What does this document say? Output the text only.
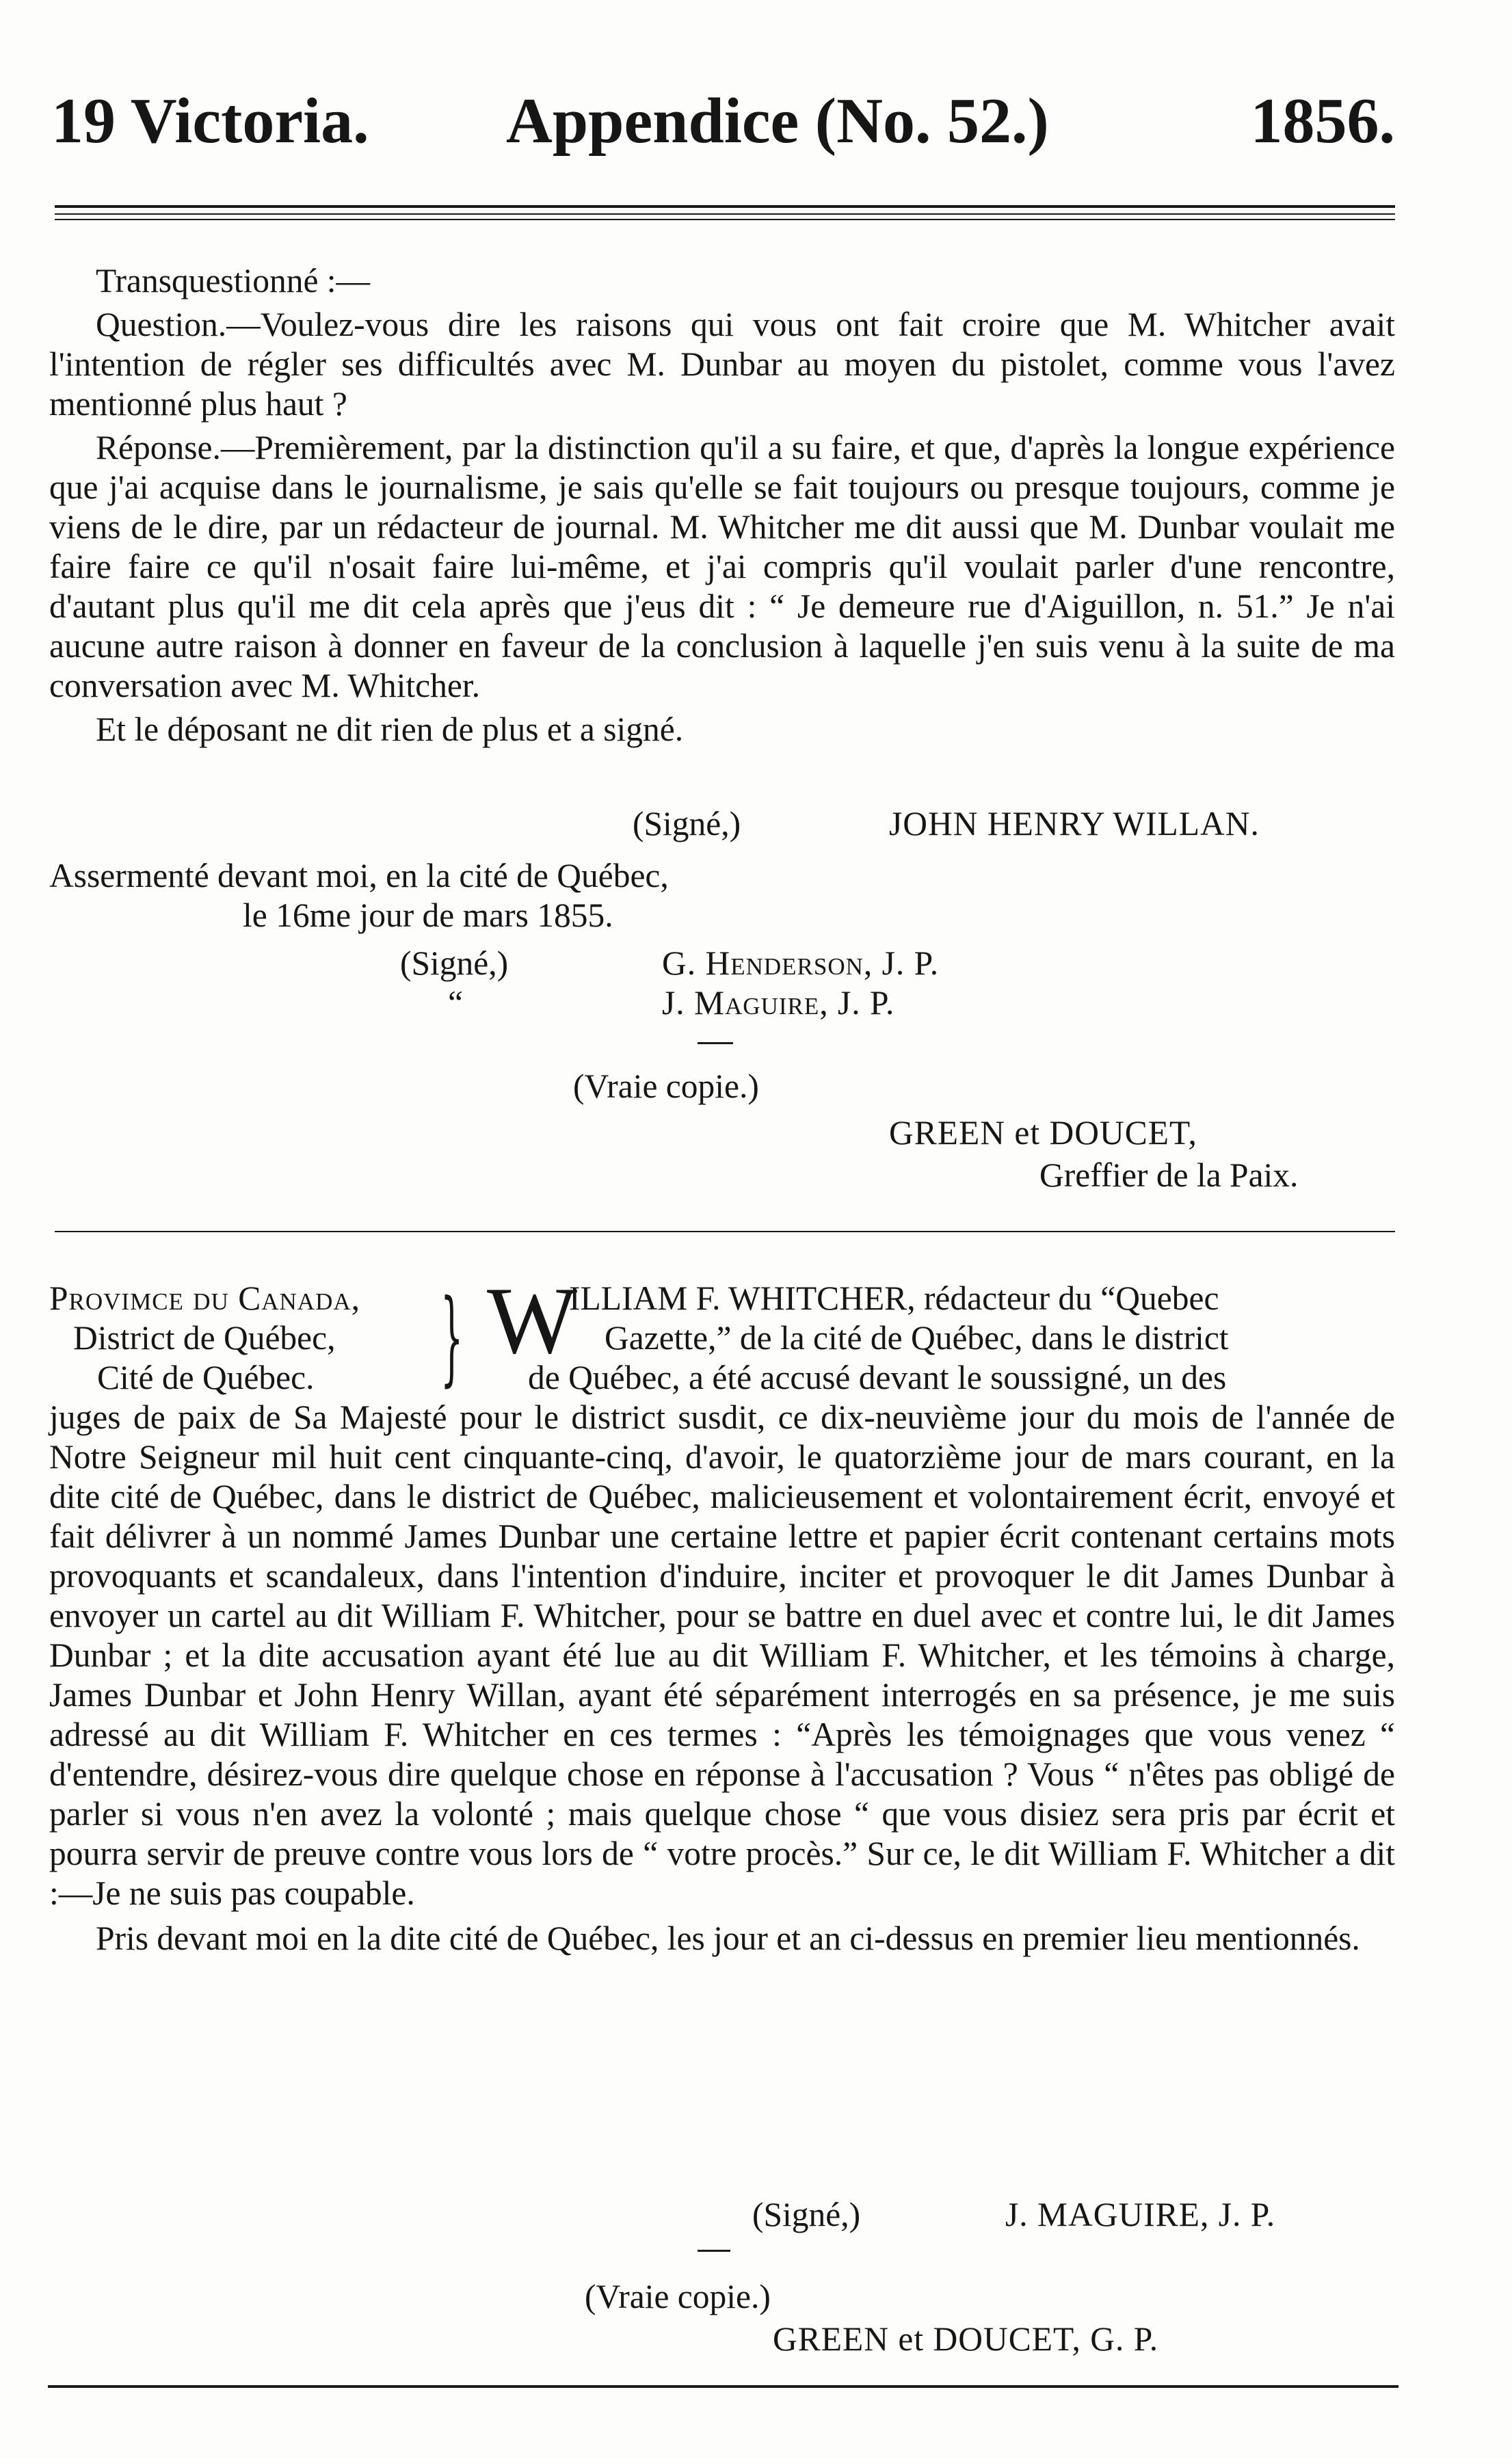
19 Victoria. Appendice (No. 52.)	1856.

Transquestionné :—

Question.—Voulez-vous dire les raisons qui vous ont fait croire que M. Whitcher avait l'intention de régler ses difficultés avec M. Dunbar au moyen du pistolet, comme vous l'avez mentionné plus haut ?

Réponse.—Premièrement, par la distinction qu'il a su faire, et que, d'après la longue expérience que j'ai acquise dans le journalisme, je sais qu'elle se fait toujours ou presque toujours, comme je viens de le dire, par un rédacteur de journal. M. Whitcher me dit aussi que M. Dunbar voulait me faire faire ce qu'il n'osait faire lui-même, et j'ai compris qu'il voulait parler d'une rencontre, d'autant plus qu'il me dit cela après que j'eus dit : “ Je demeure rue d'Aiguillon, n. 51.” Je n'ai aucune autre raison à donner en faveur de la conclusion à laquelle j'en suis venu à la suite de ma conversation avec M. Whitcher.

Et le déposant ne dit rien de plus et a signé.

(Signé,)	JOHN HENRY WILLAN.
Assermenté devant moi, en la cité de Québec,
le 16me jour de mars 1855.
(Signé,)	G. Henderson, J. P.
“	J. Maguire, J. P.
(Vraie copie.)
GREEN et DOUCET,
Greffier de la Paix.
Provimce du Canada,
District de Québec,
Cité de Québec.	} W
ILLIAM F. WHITCHER, rédacteur du “Quebec
Gazette,” de la cité de Québec, dans le district
de Québec, a été accusé devant le soussigné, un des

juges de paix de Sa Majesté pour le district susdit, ce dix-neuvième jour du mois de l'année de Notre Seigneur mil huit cent cinquante-cinq, d'avoir, le quatorzième jour de mars courant, en la dite cité de Québec, dans le district de Québec, malicieusement et volontairement écrit, envoyé et fait délivrer à un nommé James Dunbar une certaine lettre et papier écrit contenant certains mots provoquants et scandaleux, dans l'intention d'induire, inciter et provoquer le dit James Dunbar à envoyer un cartel au dit William F. Whitcher, pour se battre en duel avec et contre lui, le dit James Dunbar ; et la dite accusation ayant été lue au dit William F. Whitcher, et les témoins à charge, James Dunbar et John Henry Willan, ayant été séparément interrogés en sa présence, je me suis adressé au dit William F. Whitcher en ces termes : “Après les témoignages que vous venez “ d'entendre, désirez-vous dire quelque chose en réponse à l'accusation ? Vous “ n'êtes pas obligé de parler si vous n'en avez la volonté ; mais quelque chose “ que vous disiez sera pris par écrit et pourra servir de preuve contre vous lors de “ votre procès.” Sur ce, le dit William F. Whitcher a dit :—Je ne suis pas coupable.

Pris devant moi en la dite cité de Québec, les jour et an ci-dessus en premier lieu mentionnés.

(Signé,)	J. MAGUIRE, J. P.
(Vraie copie.)
GREEN et DOUCET, G. P.
